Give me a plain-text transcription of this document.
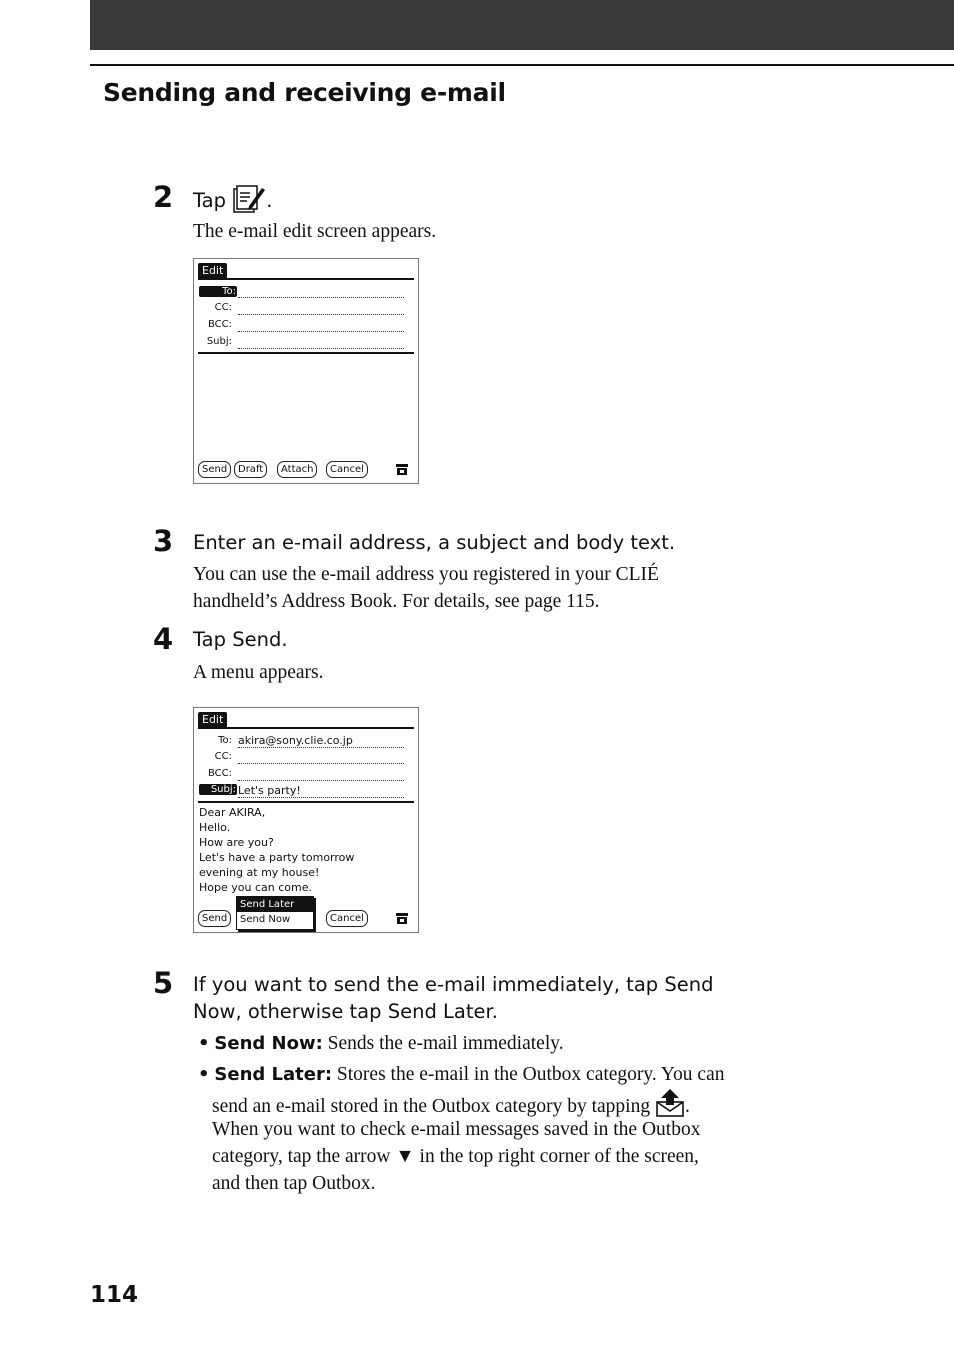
Sending and receiving e-mail
2 Tap .
The e-mail edit screen appears.
Edit
To:
CC:
BCC:
Subj:
Send	Draft	Attach	Cancel
3 Enter an e-mail address, a subject and body text.
You can use the e-mail address you registered in your CLIÉ
handheld’s Address Book. For details, see page 115.
4 Tap Send.
A menu appears.
Edit
To: akira@sony.clie.co.jp
CC:
BCC:
Subj: Let's party!
Dear AKIRA,
Hello.
How are you?
Let's have a party tomorrow
evening at my house!
Hope you can come.
Send	Cancel
Send Later
Send Now
5 If you want to send the e-mail immediately, tap Send
Now, otherwise tap Send Later.
• Send Now: Sends the e-mail immediately.
• Send Later: Stores the e-mail in the Outbox category. You can
send an e-mail stored in the Outbox category by tapping .
When you want to check e-mail messages saved in the Outbox
category, tap the arrow ▼ in the top right corner of the screen,
and then tap Outbox.
114
